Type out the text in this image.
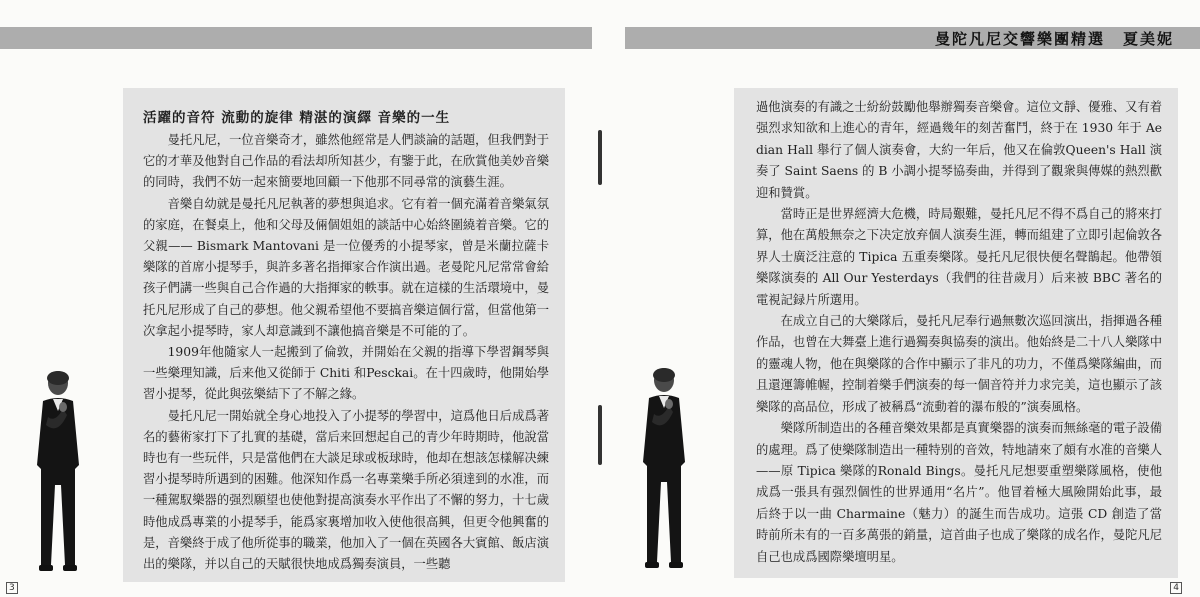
活躍的音符 流動的旋律 精湛的演繹 音樂的一生

曼托凡尼，一位音樂奇才，雖然他經常是人們談論的話題，但我們對于它的才華及他對自己作品的看法却所知甚少，有鑒于此，在欣賞他美妙音樂的同時，我們不妨一起來簡要地回顧一下他那不同尋常的演藝生涯。

音樂自幼就是曼托凡尼執著的夢想與追求。它有着一個充滿着音樂氣氛的家庭，在餐桌上，他和父母及倆個姐姐的談話中心始終圍繞着音樂。它的父親—— Bismark Mantovani 是一位優秀的小提琴家，曾是米蘭拉薩卡樂隊的首席小提琴手，與許多著名指揮家合作演出過。老曼陀凡尼常常會給孩子們講一些與自己合作過的大指揮家的軼事。就在這樣的生活環境中，曼托凡尼形成了自己的夢想。他父親希望他不要搞音樂這個行當，但當他第一次拿起小提琴時，家人却意識到不讓他搞音樂是不可能的了。

1909年他隨家人一起搬到了倫敦，并開始在父親的指導下學習鋼琴與一些樂理知識，后来他又從師于 Chiti 和Pesckai。在十四歲時，他開始學習小提琴，從此與弦樂結下了不解之緣。

曼托凡尼一開始就全身心地投入了小提琴的學習中，這爲他日后成爲著名的藝術家打下了扎實的基礎，當后来回想起自己的青少年時期時，他說當時也有一些玩伴，只是當他們在大談足球或板球時，他却在想該怎樣解决練習小提琴時所遇到的困難。他深知作爲一名專業樂手所必須達到的水准，而一種駕馭樂器的强烈願望也使他對提高演奏水平作出了不懈的努力，十七歲時他成爲專業的小提琴手，能爲家裏增加收入使他很高興，但更令他興奮的是，音樂終于成了他所從事的職業，他加入了一個在英國各大賓館、飯店演出的樂隊，并以自己的天賦很快地成爲獨奏演員，一些聽

3
曼陀凡尼交響樂團精選 夏美妮

過他演奏的有識之士紛紛鼓勵他舉辦獨奏音樂會。這位文靜、優雅、又有着强烈求知欲和上進心的青年，經過幾年的刻苦奮鬥，終于在 1930 年于 Aedian Hall 舉行了個人演奏會，大約一年后，他又在倫敦Queen's Hall 演奏了 Saint Saens 的 B 小調小提琴協奏曲，并得到了觀衆與傳媒的熱烈歡迎和贊賞。

當時正是世界經濟大危機，時局艱難，曼托凡尼不得不爲自己的將來打算，他在萬般無奈之下决定放弃個人演奏生涯，轉而組建了立即引起倫敦各界人士廣泛注意的 Tipica 五重奏樂隊。曼托凡尼很快便名聲鵲起。他帶領樂隊演奏的 All Our Yesterdays（我們的往昔歲月）后来被 BBC 著名的電視記録片所選用。

在成立自己的大樂隊后，曼托凡尼奉行過無數次巡回演出，指揮過各種作品，也曾在大舞臺上進行過獨奏與協奏的演出。他始終是二十八人樂隊中的靈魂人物，他在與樂隊的合作中顯示了非凡的功力，不僅爲樂隊編曲，而且還運籌帷幄，控制着樂手們演奏的每一個音符并力求完美，這也顯示了該樂隊的高品位，形成了被稱爲“流動着的瀑布般的”演奏風格。

樂隊所制造出的各種音樂效果都是真實樂器的演奏而無絲毫的電子設備的處理。爲了使樂隊制造出一種特别的音效，特地請來了頗有水准的音樂人——原 Tipica 樂隊的Ronald Bings。曼托凡尼想要重塑樂隊風格，使他成爲一張具有强烈個性的世界通用“名片”。他冒着極大風險開始此事，最后終于以一曲 Charmaine（魅力）的誕生而告成功。這張 CD 創造了當時前所未有的一百多萬張的銷量，這首曲子也成了樂隊的成名作，曼陀凡尼自己也成爲國際樂壇明星。

4
